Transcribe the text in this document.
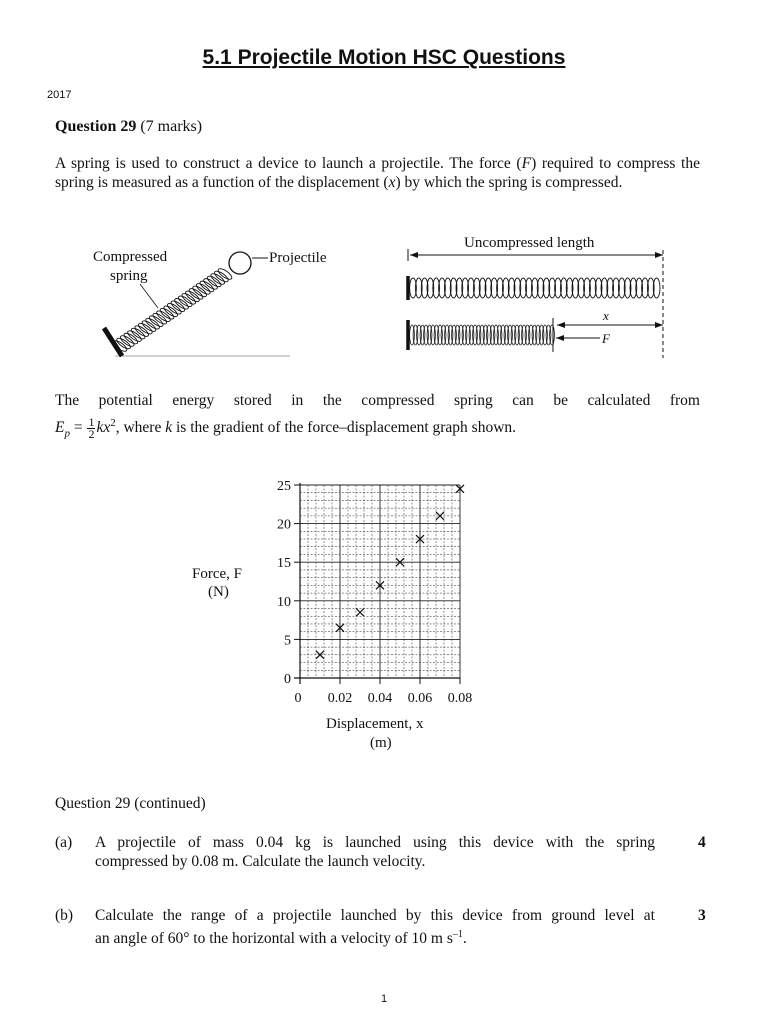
5.1 Projectile Motion HSC Questions
2017
Question 29 (7 marks)
A spring is used to construct a device to launch a projectile. The force (F) required to compress the spring is measured as a function of the displacement (x) by which the spring is compressed.
Compressed
spring
Projectile
Uncompressed length
x
F
The potential energy stored in the compressed spring can be calculated from
$E_p = \frac{1}{2} kx^2$, where k is the gradient of the force–displacement graph shown.
0
5
10
15
20
25
0 0.02 0.04 0.06 0.08
Force, F
(N)
Displacement, x
(m)
Question 29 (continued)
(a) A projectile of mass 0.04 kg is launched using this device with the spring
compressed by 0.08 m. Calculate the launch velocity.
4
(b) Calculate the range of a projectile launched by this device from ground level at
an angle of 60° to the horizontal with a velocity of 10 m $s^{-1}$.
3
1
